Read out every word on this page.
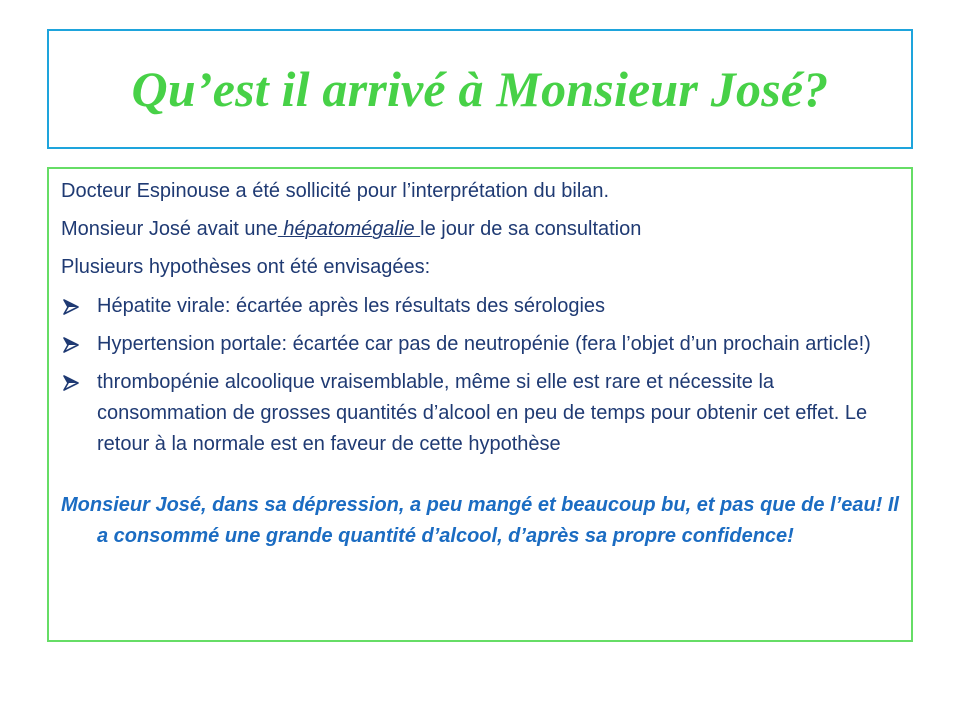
Qu’est il arrivé à Monsieur José?

Docteur Espinouse a été sollicité pour l’interprétation du bilan.

Monsieur José avait une hépatomégalie le jour de sa consultation

Plusieurs hypothèses ont été envisagées:

Hépatite virale: écartée après les résultats des sérologies
Hypertension portale: écartée car pas de neutropénie (fera l’objet d’un prochain article!)
thrombopénie alcoolique vraisemblable, même si elle est rare et nécessite la consommation de grosses quantités d’alcool en peu de temps pour obtenir cet effet. Le retour à la normale est en faveur de cette hypothèse

Monsieur José, dans sa dépression, a peu mangé et beaucoup bu, et pas que de l’eau! Il a consommé une grande quantité d’alcool, d’après sa propre confidence!
